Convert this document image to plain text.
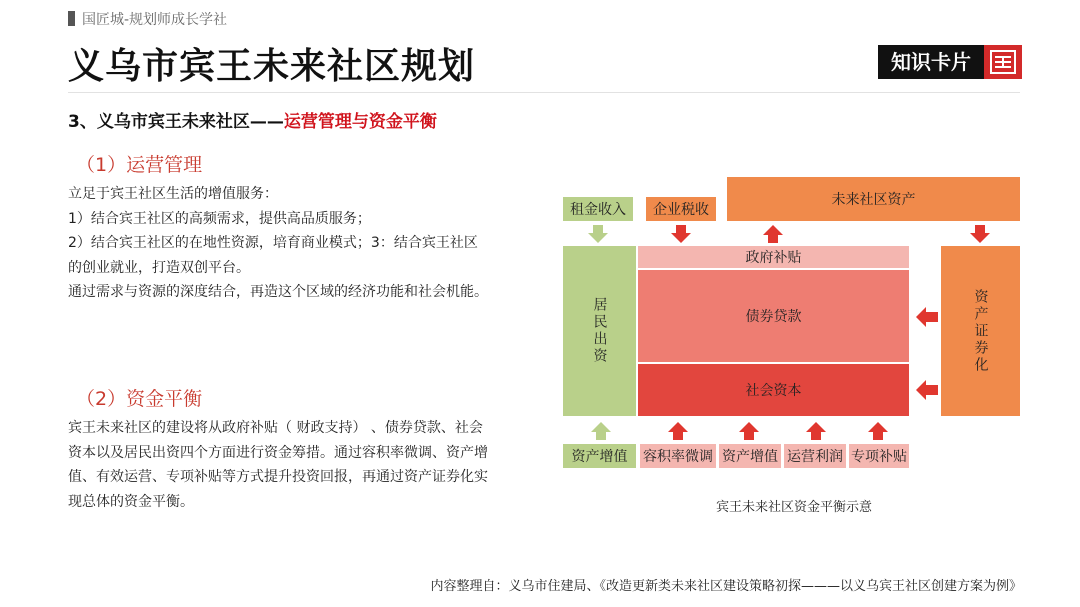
国匠城-规划师成长学社
义乌市宾王未来社区规划	知识卡片
3、义乌市宾王未来社区——运营管理与资金平衡
（1）运营管理

立足于宾王社区生活的增值服务：

1）结合宾王社区的高频需求，提供高品质服务；

2）结合宾王社区的在地性资源，培育商业模式；3：结合宾王社区的创业就业，打造双创平台。

通过需求与资源的深度结合，再造这个区域的经济功能和社会机能。

（2）资金平衡

宾王未来社区的建设将从政府补贴（ 财政支持） 、债券贷款、社会资本以及居民出资四个方面进行资金筹措。通过容积率微调、资产增值、有效运营、专项补贴等方式提升投资回报，再通过资产证券化实现总体的资金平衡。

租金收入	企业税收
未来社区资产
居民出资
政府补贴
债券贷款
社会资本
资产证券化
资产增值	容积率微调 资产增值 运营利润 专项补贴
宾王未来社区资金平衡示意
内容整理自：义乌市住建局、《改造更新类未来社区建设策略初探———以义乌宾王社区创建方案为例》
